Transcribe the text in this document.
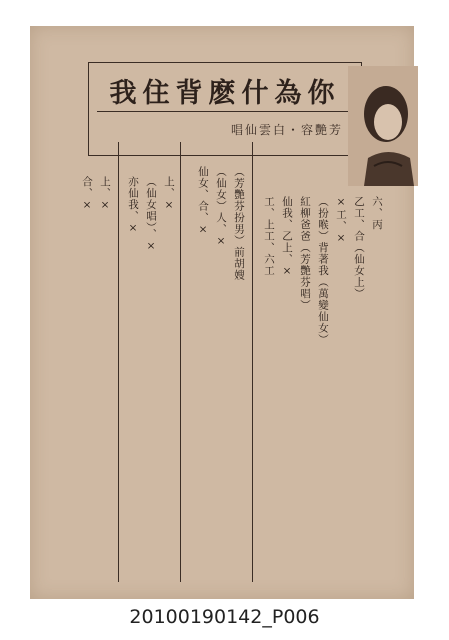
我住背麽什為你
唱仙雲白・容艷芳
六、丙
乙工、合（仙女上）
×工、×
（扮喉）背著我（萬變仙女）
紅柳爸爸（芳艷芬唱）
仙我、乙上、×
工、上工、六工
（芳艷芬扮男）前胡嫂
（仙女）人、×
仙女、合、×
上、×
（仙女唱）、×
亦仙我、×
上、×
合、×
20100190142_P006
